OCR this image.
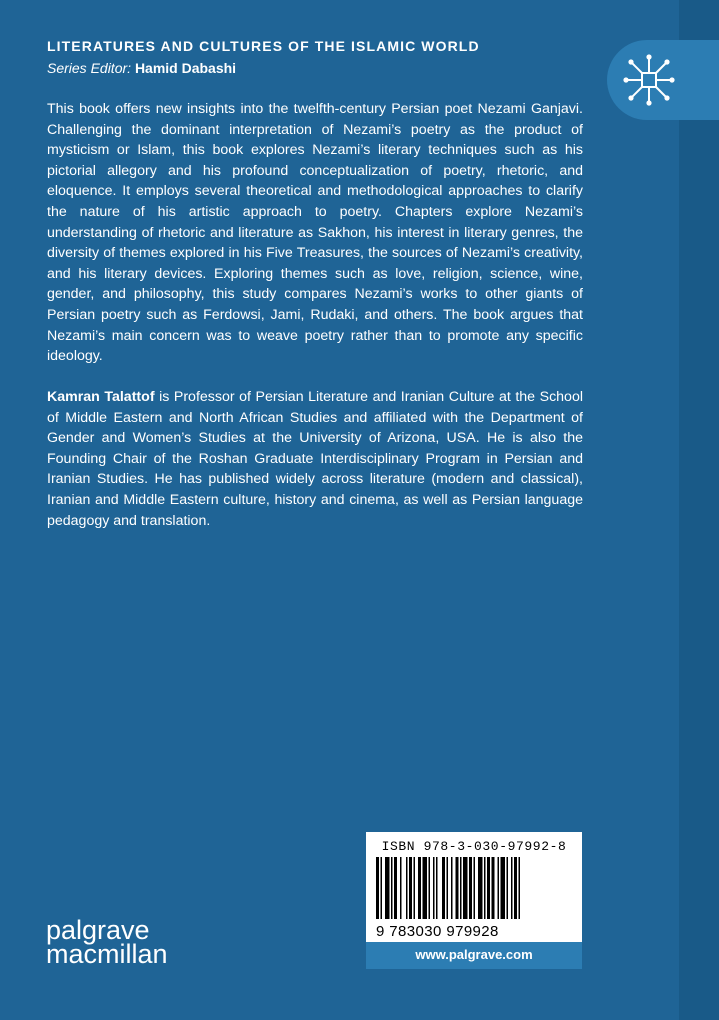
LITERATURES AND CULTURES OF THE ISLAMIC WORLD
Series Editor: Hamid Dabashi

This book offers new insights into the twelfth-century Persian poet Nezami Ganjavi. Challenging the dominant interpretation of Nezami’s poetry as the product of mysticism or Islam, this book explores Nezami’s literary techniques such as his pictorial allegory and his profound conceptualization of poetry, rhetoric, and eloquence. It employs several theoretical and methodological approaches to clarify the nature of his artistic approach to poetry. Chapters explore Nezami’s understanding of rhetoric and literature as Sakhon, his interest in literary genres, the diversity of themes explored in his Five Treasures, the sources of Nezami’s creativity, and his literary devices. Exploring themes such as love, religion, science, wine, gender, and philosophy, this study compares Nezami’s works to other giants of Persian poetry such as Ferdowsi, Jami, Rudaki, and others. The book argues that Nezami’s main concern was to weave poetry rather than to promote any specific ideology.

Kamran Talattof is Professor of Persian Literature and Iranian Culture at the School of Middle Eastern and North African Studies and affiliated with the Department of Gender and Women’s Studies at the University of Arizona, USA. He is also the Founding Chair of the Roshan Graduate Interdisciplinary Program in Persian and Iranian Studies. He has published widely across literature (modern and classical), Iranian and Middle Eastern culture, history and cinema, as well as Persian language pedagogy and translation.

ISBN 978-3-030-97992-8
9 783030 979928
www.palgrave.com
palgrave
macmillan
